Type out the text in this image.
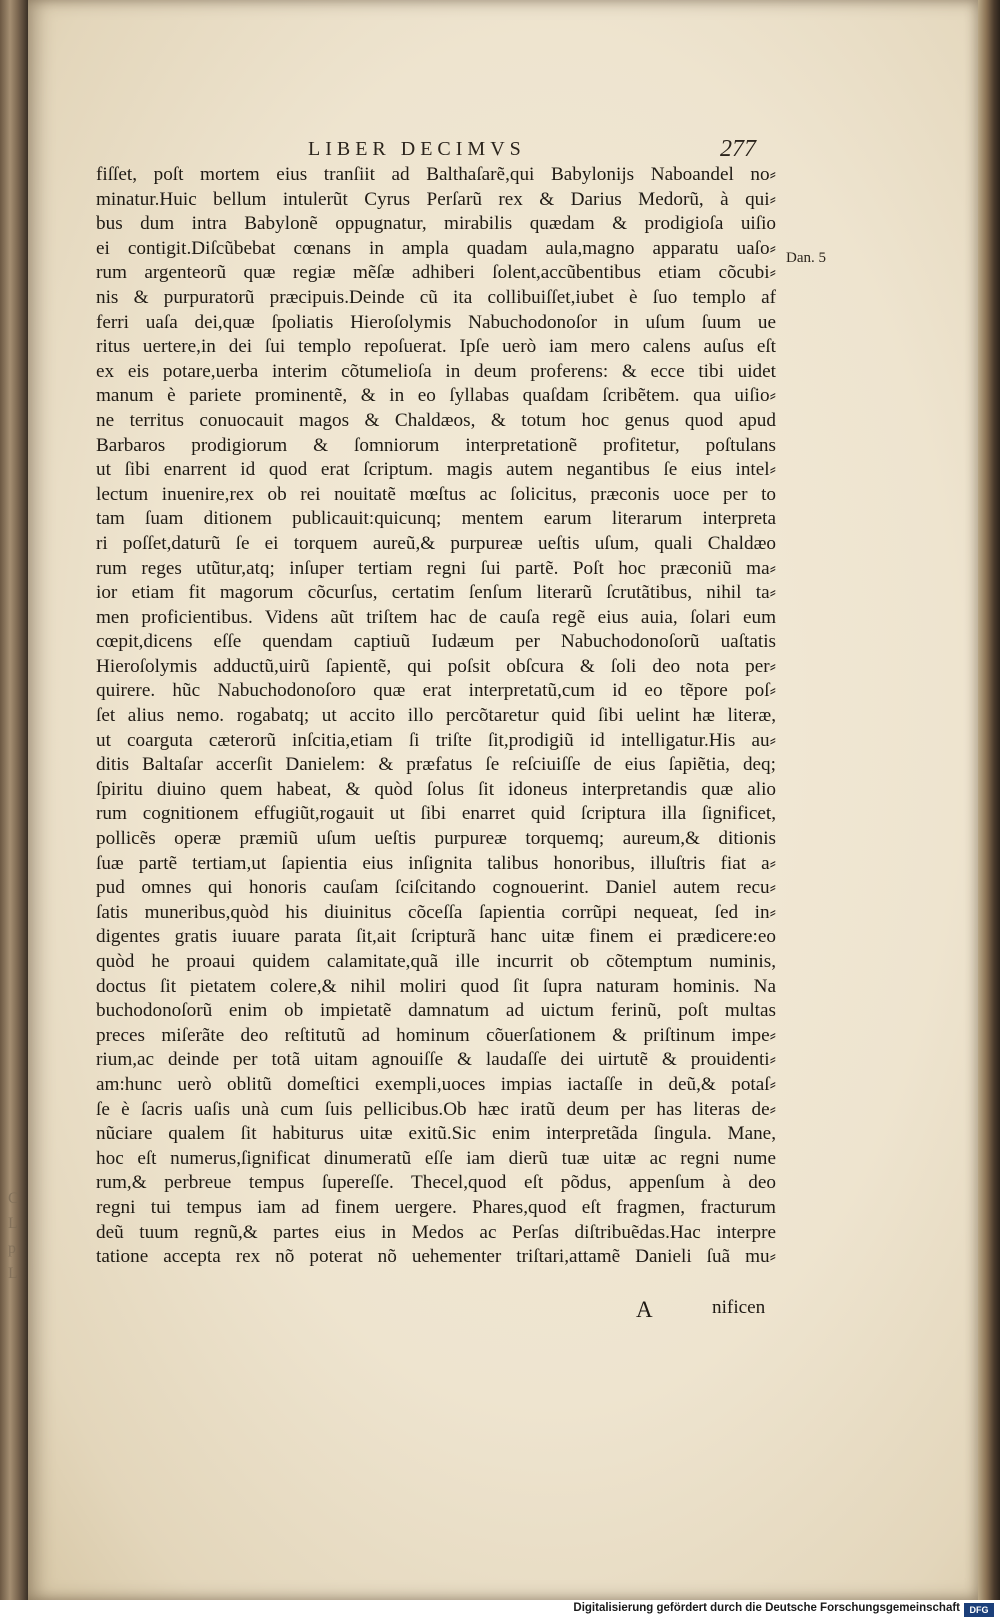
LIBER DECIMVS	277
fiſſet, poſt mortem eius tranſiit ad Balthaſarẽ,qui Babylonijs Naboandel no⸗
minatur.Huic bellum intulerũt Cyrus Perſarũ rex & Darius Medorũ, à qui⸗
bus dum intra Babylonẽ oppugnatur, mirabilis quædam & prodigioſa uiſio
ei contigit.Diſcũbebat cœnans in ampla quadam aula,magno apparatu uaſo⸗
rum argenteorũ quæ regiæ mẽſæ adhiberi ſolent,accũbentibus etiam cõcubi⸗
nis & purpuratorũ præcipuis.Deinde cũ ita collibuiſſet,iubet è ſuo templo af
ferri uaſa dei,quæ ſpoliatis Hieroſolymis Nabuchodonoſor in uſum ſuum ue
ritus uertere,in dei ſui templo repoſuerat. Ipſe uerò iam mero calens auſus eſt
ex eis potare,uerba interim cõtumelioſa in deum proferens: & ecce tibi uidet
manum è pariete prominentẽ, & in eo ſyllabas quaſdam ſcribẽtem. qua uiſio⸗
ne territus conuocauit magos & Chaldæos, & totum hoc genus quod apud
Barbaros prodigiorum & ſomniorum interpretationẽ profitetur, poſtulans
ut ſibi enarrent id quod erat ſcriptum. magis autem negantibus ſe eius intel⸗
lectum inuenire,rex ob rei nouitatẽ mœſtus ac ſolicitus, præconis uoce per to
tam ſuam ditionem publicauit:quicunq; mentem earum literarum interpreta
ri poſſet,daturũ ſe ei torquem aureũ,& purpureæ ueſtis uſum, quali Chaldæo
rum reges utũtur,atq; inſuper tertiam regni ſui partẽ. Poſt hoc præconiũ ma⸗
ior etiam fit magorum cõcurſus, certatim ſenſum literarũ ſcrutãtibus, nihil ta⸗
men proficientibus. Videns aũt triſtem hac de cauſa regẽ eius auia, ſolari eum
cœpit,dicens eſſe quendam captiuũ Iudæum per Nabuchodonoſorũ uaſtatis
Hieroſolymis adductũ,uirũ ſapientẽ, qui poſsit obſcura & ſoli deo nota per⸗
quirere. hũc Nabuchodonoſoro quæ erat interpretatũ,cum id eo tẽpore poſ⸗
ſet alius nemo. rogabatq; ut accito illo percõtaretur quid ſibi uelint hæ literæ,
ut coarguta cæterorũ inſcitia,etiam ſi triſte ſit,prodigiũ id intelligatur.His au⸗
ditis Baltaſar accerſit Danielem: & præfatus ſe reſciuiſſe de eius ſapiẽtia, deq;
ſpiritu diuino quem habeat, & quòd ſolus ſit idoneus interpretandis quæ alio
rum cognitionem effugiũt,rogauit ut ſibi enarret quid ſcriptura illa ſignificet,
pollicẽs operæ præmiũ uſum ueſtis purpureæ torquemq; aureum,& ditionis
ſuæ partẽ tertiam,ut ſapientia eius inſignita talibus honoribus, illuſtris fiat a⸗
pud omnes qui honoris cauſam ſciſcitando cognouerint. Daniel autem recu⸗
ſatis muneribus,quòd his diuinitus cõceſſa ſapientia corrũpi nequeat, ſed in⸗
digentes gratis iuuare parata ſit,ait ſcripturã hanc uitæ finem ei prædicere:eo
quòd he proaui quidem calamitate,quã ille incurrit ob cõtemptum numinis,
doctus ſit pietatem colere,& nihil moliri quod ſit ſupra naturam hominis. Na
buchodonoſorũ enim ob impietatẽ damnatum ad uictum ferinũ, poſt multas
preces miſerãte deo reſtitutũ ad hominum cõuerſationem & priſtinum impe⸗
rium,ac deinde per totã uitam agnouiſſe & laudaſſe dei uirtutẽ & prouidenti⸗
am:hunc uerò oblitũ domeſtici exempli,uoces impias iactaſſe in deũ,& potaſ⸗
ſe è ſacris uaſis unà cum ſuis pellicibus.Ob hæc iratũ deum per has literas de⸗
nũciare qualem ſit habiturus uitæ exitũ.Sic enim interpretãda ſingula. Mane,
hoc eſt numerus,ſignificat dinumeratũ eſſe iam dierũ tuæ uitæ ac regni nume
rum,& perbreue tempus ſupereſſe. Thecel,quod eſt põdus, appenſum à deo
regni tui tempus iam ad finem uergere. Phares,quod eſt fragmen, fracturum
deũ tuum regnũ,& partes eius in Medos ac Perſas diſtribuẽdas.Hac interpre
tatione accepta rex nõ poterat nõ uehementer triſtari,attamẽ Danieli ſuã mu⸗
Dan. 5
A	nificen
C
L
p
L
Digitalisierung gefördert durch die Deutsche Forschungsgemeinschaft	DFG
